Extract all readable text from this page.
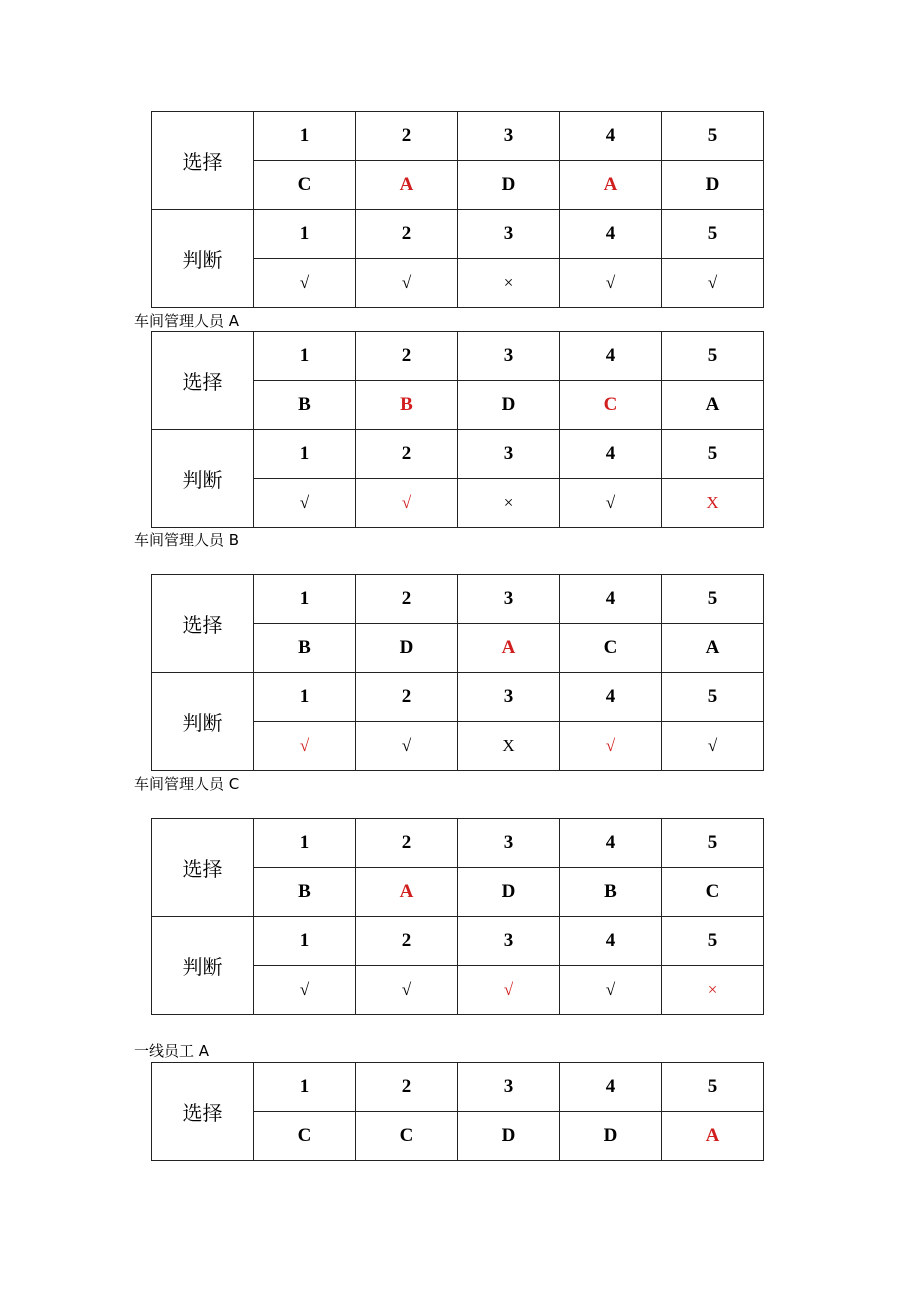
选择	1	2	3	4	5
	C	A	D	A	D
判断	1	2	3	4	5
	√	√	×	√	√
车间管理人员 A
选择	1	2	3	4	5
	B	B	D	C	A
判断	1	2	3	4	5
	√	√	×	√	X
车间管理人员 B
选择	1	2	3	4	5
	B	D	A	C	A
判断	1	2	3	4	5
	√	√	X	√	√
车间管理人员 C
选择	1	2	3	4	5
	B	A	D	B	C
判断	1	2	3	4	5
	√	√	√	√	×
一线员工 A
选择	1	2	3	4	5
	C	C	D	D	A
